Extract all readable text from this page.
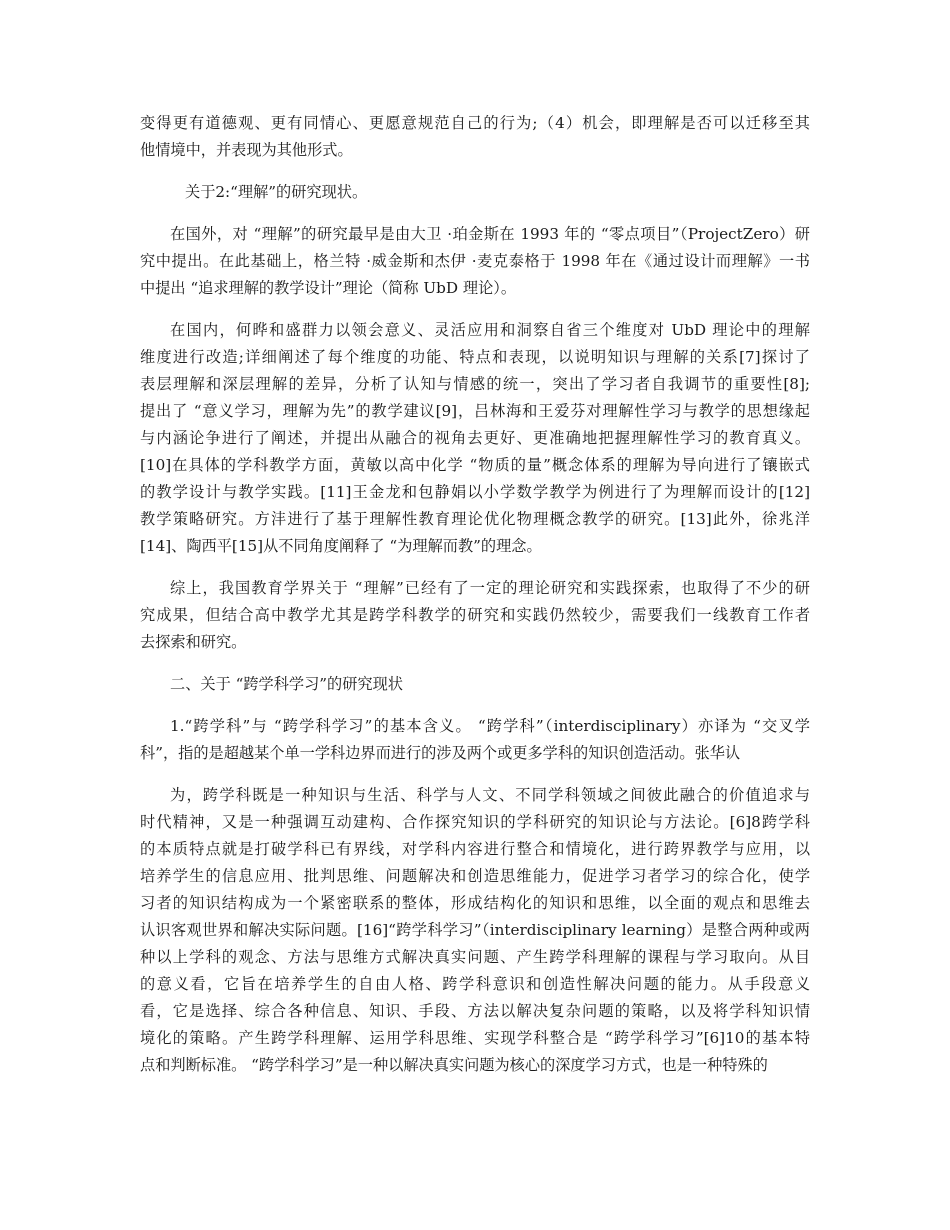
变得更有道德观、更有同情心、更愿意规范自己的行为;（4）机会，即理解是否可以迁移至其
他情境中，并表现为其他形式。
关于2:“理解”的研究现状。
在国外，对 “理解”的研究最早是由大卫 ·珀金斯在 1993 年的 “零点项目”（ProjectZero）研
究中提出。在此基础上，格兰特 ·威金斯和杰伊 ·麦克泰格于 1998 年在《通过设计而理解》一书
中提出 “追求理解的教学设计”理论（简称 UbD 理论）。
在国内，何晔和盛群力以领会意义、灵活应用和洞察自省三个维度对 UbD 理论中的理解
维度进行改造;详细阐述了每个维度的功能、特点和表现，以说明知识与理解的关系[7]探讨了
表层理解和深层理解的差异，分析了认知与情感的统一，突出了学习者自我调节的重要性[8];
提出了 “意义学习，理解为先”的教学建议[9]，吕林海和王爱芬对理解性学习与教学的思想缘起
与内涵论争进行了阐述，并提出从融合的视角去更好、更准确地把握理解性学习的教育真义。
[10]在具体的学科教学方面，黄敏以高中化学 “物质的量”概念体系的理解为导向进行了镶嵌式
的教学设计与教学实践。[11]王金龙和包静娟以小学数学教学为例进行了为理解而设计的[12]
教学策略研究。方沣进行了基于理解性教育理论优化物理概念教学的研究。[13]此外，徐兆洋
[14]、陶西平[15]从不同角度阐释了 “为理解而教”的理念。
综上，我国教育学界关于 “理解”已经有了一定的理论研究和实践探索，也取得了不少的研
究成果，但结合高中教学尤其是跨学科教学的研究和实践仍然较少，需要我们一线教育工作者
去探索和研究。
二、关于 “跨学科学习”的研究现状
1.“跨学科”与 “跨学科学习”的基本含义。 “跨学科”（interdisciplinary）亦译为 “交叉学
科”，指的是超越某个单一学科边界而进行的涉及两个或更多学科的知识创造活动。张华认
为，跨学科既是一种知识与生活、科学与人文、不同学科领域之间彼此融合的价值追求与
时代精神，又是一种强调互动建构、合作探究知识的学科研究的知识论与方法论。[6]8跨学科
的本质特点就是打破学科已有界线，对学科内容进行整合和情境化，进行跨界教学与应用，以
培养学生的信息应用、批判思维、问题解决和创造思维能力，促进学习者学习的综合化，使学
习者的知识结构成为一个紧密联系的整体，形成结构化的知识和思维，以全面的观点和思维去
认识客观世界和解决实际问题。[16]“跨学科学习”（interdisciplinary learning）是整合两种或两
种以上学科的观念、方法与思维方式解决真实问题、产生跨学科理解的课程与学习取向。从目
的意义看，它旨在培养学生的自由人格、跨学科意识和创造性解决问题的能力。从手段意义
看，它是选择、综合各种信息、知识、手段、方法以解决复杂问题的策略，以及将学科知识情
境化的策略。产生跨学科理解、运用学科思维、实现学科整合是 “跨学科学习”[6]10的基本特
点和判断标准。 “跨学科学习”是一种以解决真实问题为核心的深度学习方式，也是一种特殊的
